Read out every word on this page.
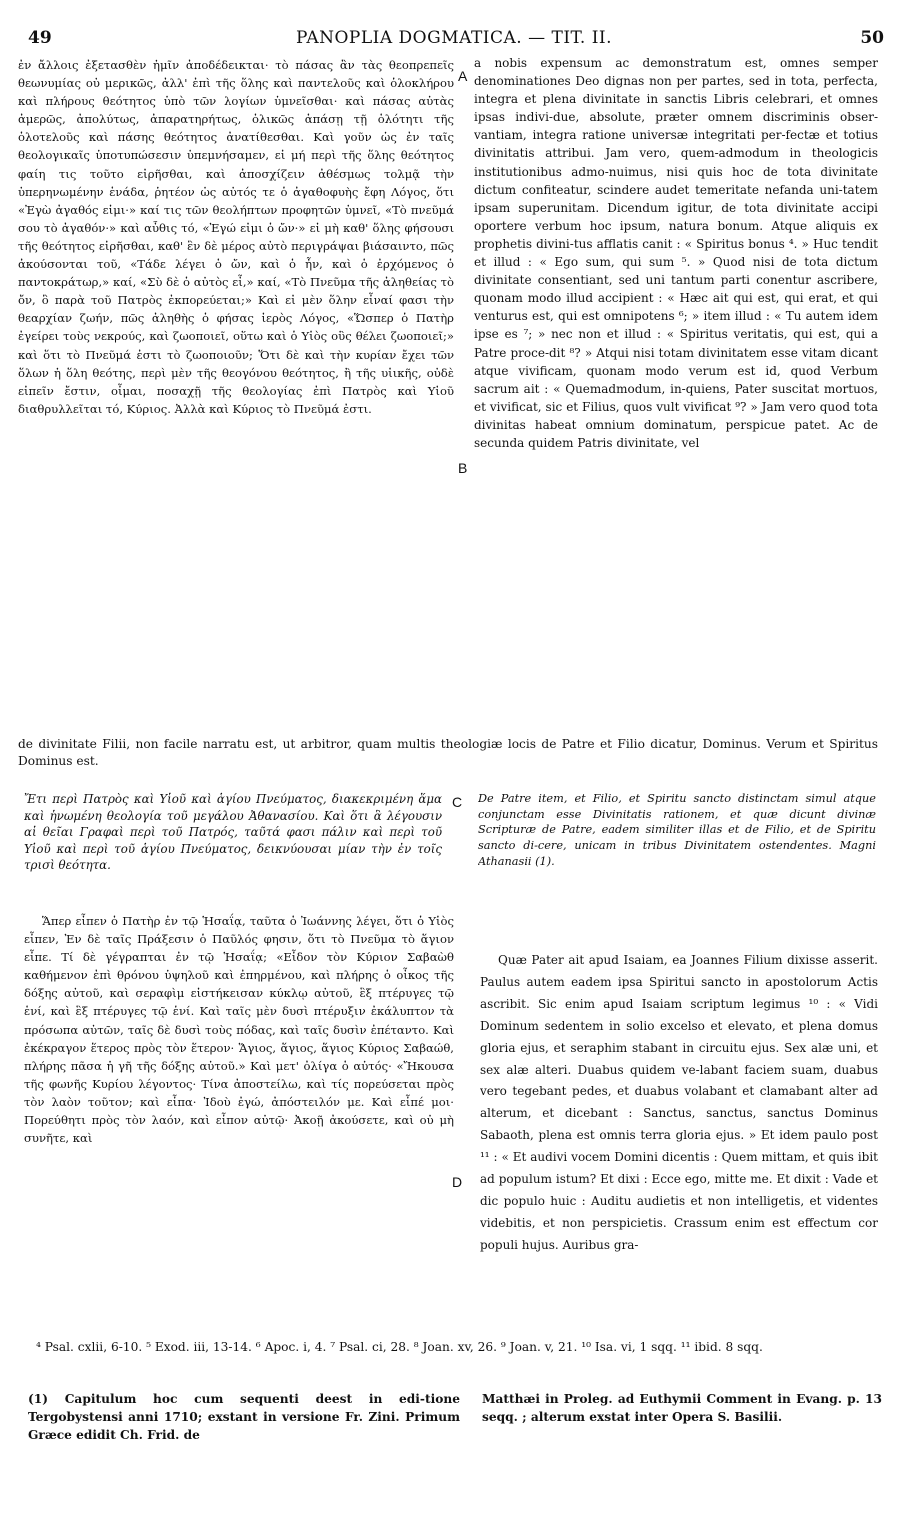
49	PANOPLIA DOGMATICA. — TIT. II.	50

ἐν ἄλλοις ἐξετασθὲν ἡμῖν ἀποδέδεικται· τὸ πάσας ἂν τὰς θεοπρεπεῖς θεωνυμίας οὐ μερικῶς, ἀλλ' ἐπὶ τῆς ὅλης καὶ παντελοῦς καὶ ὁλοκλήρου καὶ πλήρους θεότητος ὑπὸ τῶν λογίων ὑμνεῖσθαι· καὶ πάσας αὐτὰς ἀμερῶς, ἀπολύτως, ἀπαρατηρήτως, ὁλικῶς ἁπάσῃ τῇ ὁλότητι τῆς ὁλοτελοῦς καὶ πάσης θεότητος ἀνατίθεσθαι. Καὶ γοῦν ὡς ἐν ταῖς θεολογικαῖς ὑποτυπώσεσιν ὑπεμνήσαμεν, εἰ μή περὶ τῆς ὅλης θεότητος φαίη τις τοῦτο εἰρῆσθαι, καὶ ἀποσχίζειν ἀθέσμως τολμᾷ τὴν ὑπερηνωμένην ἑνάδα, ῥητέον ὡς αὐτός τε ὁ ἀγαθοφυὴς ἔφη Λόγος, ὅτι «Ἐγὼ ἀγαθός εἰμι·» καί τις τῶν θεολήπτων προφητῶν ὑμνεῖ, «Τὸ πνεῦμά σου τὸ ἀγαθόν·» καὶ αὖθις τό, «Ἐγώ εἰμι ὁ ὤν·» εἰ μὴ καθ' ὅλης φήσουσι τῆς θεότητος εἰρῆσθαι, καθ' ἓν δὲ μέρος αὐτὸ περιγράψαι βιάσαιντο, πῶς ἀκούσονται τοῦ, «Τάδε λέγει ὁ ὤν, καὶ ὁ ἦν, καὶ ὁ ἐρχόμενος ὁ παντοκράτωρ,» καί, «Σὺ δὲ ὁ αὐτὸς εἶ,» καί, «Τὸ Πνεῦμα τῆς ἀληθείας τὸ ὄν, ὃ παρὰ τοῦ Πατρὸς ἐκπορεύεται;» Καὶ εἰ μὲν ὅλην εἶναί φασι τὴν θεαρχίαν ζωήν, πῶς ἀληθὴς ὁ φήσας ἱερὸς Λόγος, «Ὥσπερ ὁ Πατὴρ ἐγείρει τοὺς νεκρούς, καὶ ζωοποιεῖ, οὕτω καὶ ὁ Υἱὸς οὓς θέλει ζωοποιεῖ;» καὶ ὅτι τὸ Πνεῦμά ἐστι τὸ ζωοποιοῦν; Ὅτι δὲ καὶ τὴν κυρίαν ἔχει τῶν ὅλων ἡ ὅλη θεότης, περὶ μὲν τῆς θεογόνου θεότητος, ἢ τῆς υἱικῆς, οὐδὲ εἰπεῖν ἔστιν, οἶμαι, ποσαχῇ τῆς θεολογίας ἐπὶ Πατρὸς καὶ Υἱοῦ διαθρυλλεῖται τό, Κύριος. Ἀλλὰ καὶ Κύριος τὸ Πνεῦμά ἐστι.

A
B

a nobis expensum ac demonstratum est, omnes semper denominationes Deo dignas non per partes, sed in tota, perfecta, integra et plena divinitate in sanctis Libris celebrari, et omnes ipsas indivi-due, absolute, præter omnem discriminis obser-vantiam, integra ratione universæ integritati per-fectæ et totius divinitatis attribui. Jam vero, quem-admodum in theologicis institutionibus admo-nuimus, nisi quis hoc de tota divinitate dictum confiteatur, scindere audet temeritate nefanda uni-tatem ipsam superunitam. Dicendum igitur, de tota divinitate accipi oportere verbum hoc ipsum, natura bonum. Atque aliquis ex prophetis divini-tus afflatis canit : « Spiritus bonus ⁴. » Huc tendit et illud : « Ego sum, qui sum ⁵. » Quod nisi de tota dictum divinitate consentiant, sed uni tantum parti conentur ascribere, quonam modo illud accipient : « Hæc ait qui est, qui erat, et qui venturus est, qui est omnipotens ⁶; » item illud : « Tu autem idem ipse es ⁷; » nec non et illud : « Spiritus veritatis, qui est, qui a Patre proce-dit ⁸? » Atqui nisi totam divinitatem esse vitam dicant atque vivificam, quonam modo verum est id, quod Verbum sacrum ait : « Quemadmodum, in-quiens, Pater suscitat mortuos, et vivificat, sic et Filius, quos vult vivificat ⁹? » Jam vero quod tota divinitas habeat omnium dominatum, perspicue patet. Ac de secunda quidem Patris divinitate, vel

de divinitate Filii, non facile narratu est, ut arbitror, quam multis theologiæ locis de Patre et Filio dicatur, Dominus. Verum et Spiritus Dominus est.

Ἔτι περὶ Πατρὸς καὶ Υἱοῦ καὶ ἁγίου Πνεύματος, διακεκριμένη ἅμα καὶ ἡνωμένη θεολογία τοῦ μεγάλου Ἀθανασίου. Καὶ ὅτι ἃ λέγουσιν αἱ θεῖαι Γραφαὶ περὶ τοῦ Πατρός, ταῦτά φασι πάλιν καὶ περὶ τοῦ Υἱοῦ καὶ περὶ τοῦ ἁγίου Πνεύματος, δεικνύουσαι μίαν τὴν ἐν τοῖς τρισὶ θεότητα.

C De Patre item, et Filio, et Spiritu sancto distinctam simul atque conjunctam esse Divinitatis rationem, et quæ dicunt divinæ Scripturæ de Patre, eadem similiter illas et de Filio, et de Spiritu sancto di-cere, unicam in tribus Divinitatem ostendentes. Magni Athanasii (1).

Ἅπερ εἶπεν ὁ Πατὴρ ἐν τῷ Ἡσαΐᾳ, ταῦτα ὁ Ἰωάννης λέγει, ὅτι ὁ Υἱὸς εἶπεν, Ἐν δὲ ταῖς Πράξεσιν ὁ Παῦλός φησιν, ὅτι τὸ Πνεῦμα τὸ ἅγιον εἶπε. Τί δὲ γέγραπται ἐν τῷ Ἡσαΐᾳ; «Εἶδον τὸν Κύριον Σαβαὼθ καθήμενον ἐπὶ θρόνου ὑψηλοῦ καὶ ἐπηρμένου, καὶ πλήρης ὁ οἶκος τῆς δόξης αὐτοῦ, καὶ σεραφὶμ εἱστήκεισαν κύκλῳ αὐτοῦ, ἓξ πτέρυγες τῷ ἑνί, καὶ ἓξ πτέρυγες τῷ ἑνί. Καὶ ταῖς μὲν δυσὶ πτέρυξιν ἐκάλυπτον τὰ πρόσωπα αὐτῶν, ταῖς δὲ δυσὶ τοὺς πόδας, καὶ ταῖς δυσὶν ἐπέταντο. Καὶ ἐκέκραγον ἕτερος πρὸς τὸν ἕτερον· Ἅγιος, ἅγιος, ἅγιος Κύριος Σαβαώθ, πλήρης πᾶσα ἡ γῆ τῆς δόξης αὐτοῦ.» Καὶ μετ' ὀλίγα ὁ αὐτός· «Ἤκουσα τῆς φωνῆς Κυρίου λέγοντος· Τίνα ἀποστείλω, καὶ τίς πορεύσεται πρὸς τὸν λαὸν τοῦτον; καὶ εἶπα· Ἰδοὺ ἐγώ, ἀπόστειλόν με. Καὶ εἶπέ μοι· Πορεύθητι πρὸς τὸν λαόν, καὶ εἶπον αὐτῷ· Ἀκοῇ ἀκούσετε, καὶ οὐ μὴ συνῆτε, καὶ

D

Quæ Pater ait apud Isaiam, ea Joannes Filium dixisse asserit. Paulus autem eadem ipsa Spiritui sancto in apostolorum Actis ascribit. Sic enim apud Isaiam scriptum legimus ¹⁰ : « Vidi Dominum sedentem in solio excelso et elevato, et plena domus gloria ejus, et seraphim stabant in circuitu ejus. Sex alæ uni, et sex alæ alteri. Duabus quidem ve-labant faciem suam, duabus vero tegebant pedes, et duabus volabant et clamabant alter ad alterum, et dicebant : Sanctus, sanctus, sanctus Dominus Sabaoth, plena est omnis terra gloria ejus. » Et idem paulo post ¹¹ : « Et audivi vocem Domini dicentis : Quem mittam, et quis ibit ad populum istum? Et dixi : Ecce ego, mitte me. Et dixit : Vade et dic populo huic : Auditu audietis et non intelligetis, et videntes videbitis, et non perspicietis. Crassum enim est effectum cor populi hujus. Auribus gra-

⁴ Psal. cxlii, 6-10. ⁵ Exod. iii, 13-14. ⁶ Apoc. i, 4. ⁷ Psal. ci, 28. ⁸ Joan. xv, 26. ⁹ Joan. v, 21. ¹⁰ Isa. vi, 1 sqq. ¹¹ ibid. 8 sqq.
(1) Capitulum hoc cum sequenti deest in edi-tione Tergobystensi anni 1710; exstant in versione Fr. Zini. Primum Græce edidit Ch. Frid. de
Matthæi in Proleg. ad Euthymii Comment in Evang. p. 13 seqq. ; alterum exstat inter Opera S. Basilii.
